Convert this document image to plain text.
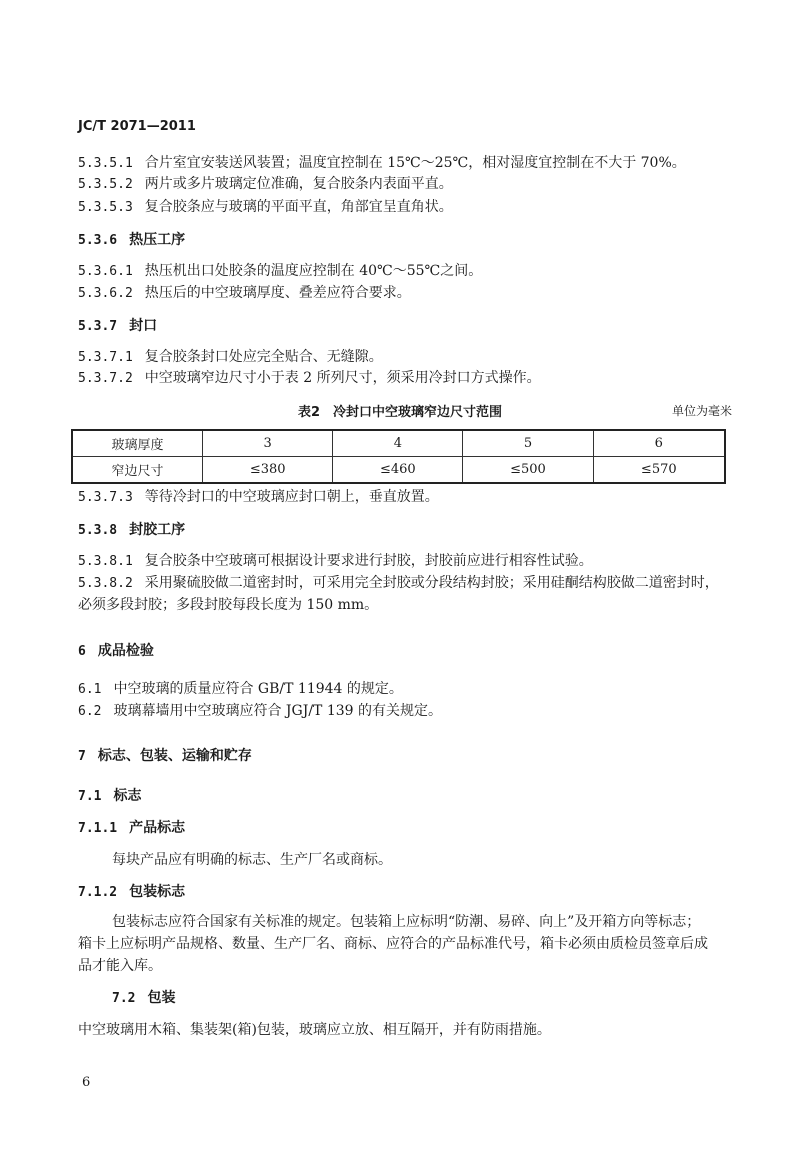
JC/T 2071—2011
5.3.5.1 合片室宜安装送风装置；温度宜控制在 15℃～25℃，相对湿度宜控制在不大于 70%。
5.3.5.2 两片或多片玻璃定位准确，复合胶条内表面平直。
5.3.5.3 复合胶条应与玻璃的平面平直，角部宜呈直角状。
5.3.6 热压工序
5.3.6.1 热压机出口处胶条的温度应控制在 40℃～55℃之间。
5.3.6.2 热压后的中空玻璃厚度、叠差应符合要求。
5.3.7 封口
5.3.7.1 复合胶条封口处应完全贴合、无缝隙。
5.3.7.2 中空玻璃窄边尺寸小于表 2 所列尺寸，须采用冷封口方式操作。
5.3.7.3 等待冷封口的中空玻璃应封口朝上，垂直放置。
5.3.8 封胶工序
5.3.8.1 复合胶条中空玻璃可根据设计要求进行封胶，封胶前应进行相容性试验。
5.3.8.2 采用聚硫胶做二道密封时，可采用完全封胶或分段结构封胶；采用硅酮结构胶做二道密封时，
必须多段封胶；多段封胶每段长度为 150 mm。
6 成品检验
6.1 中空玻璃的质量应符合 GB/T 11944 的规定。
6.2 玻璃幕墙用中空玻璃应符合 JGJ/T 139 的有关规定。
7 标志、包装、运输和贮存
7.1 标志
7.1.1 产品标志
每块产品应有明确的标志、生产厂名或商标。
7.1.2 包装标志
包装标志应符合国家有关标准的规定。包装箱上应标明“防潮、易碎、向上”及开箱方向等标志；
箱卡上应标明产品规格、数量、生产厂名、商标、应符合的产品标准代号，箱卡必须由质检员签章后成
品才能入库。
7.2 包装
中空玻璃用木箱、集装架(箱)包装，玻璃应立放、相互隔开，并有防雨措施。
表2　冷封口中空玻璃窄边尺寸范围	单位为毫米
玻璃厚度	3	4	5	6
窄边尺寸	≤380	≤460	≤500	≤570
6
